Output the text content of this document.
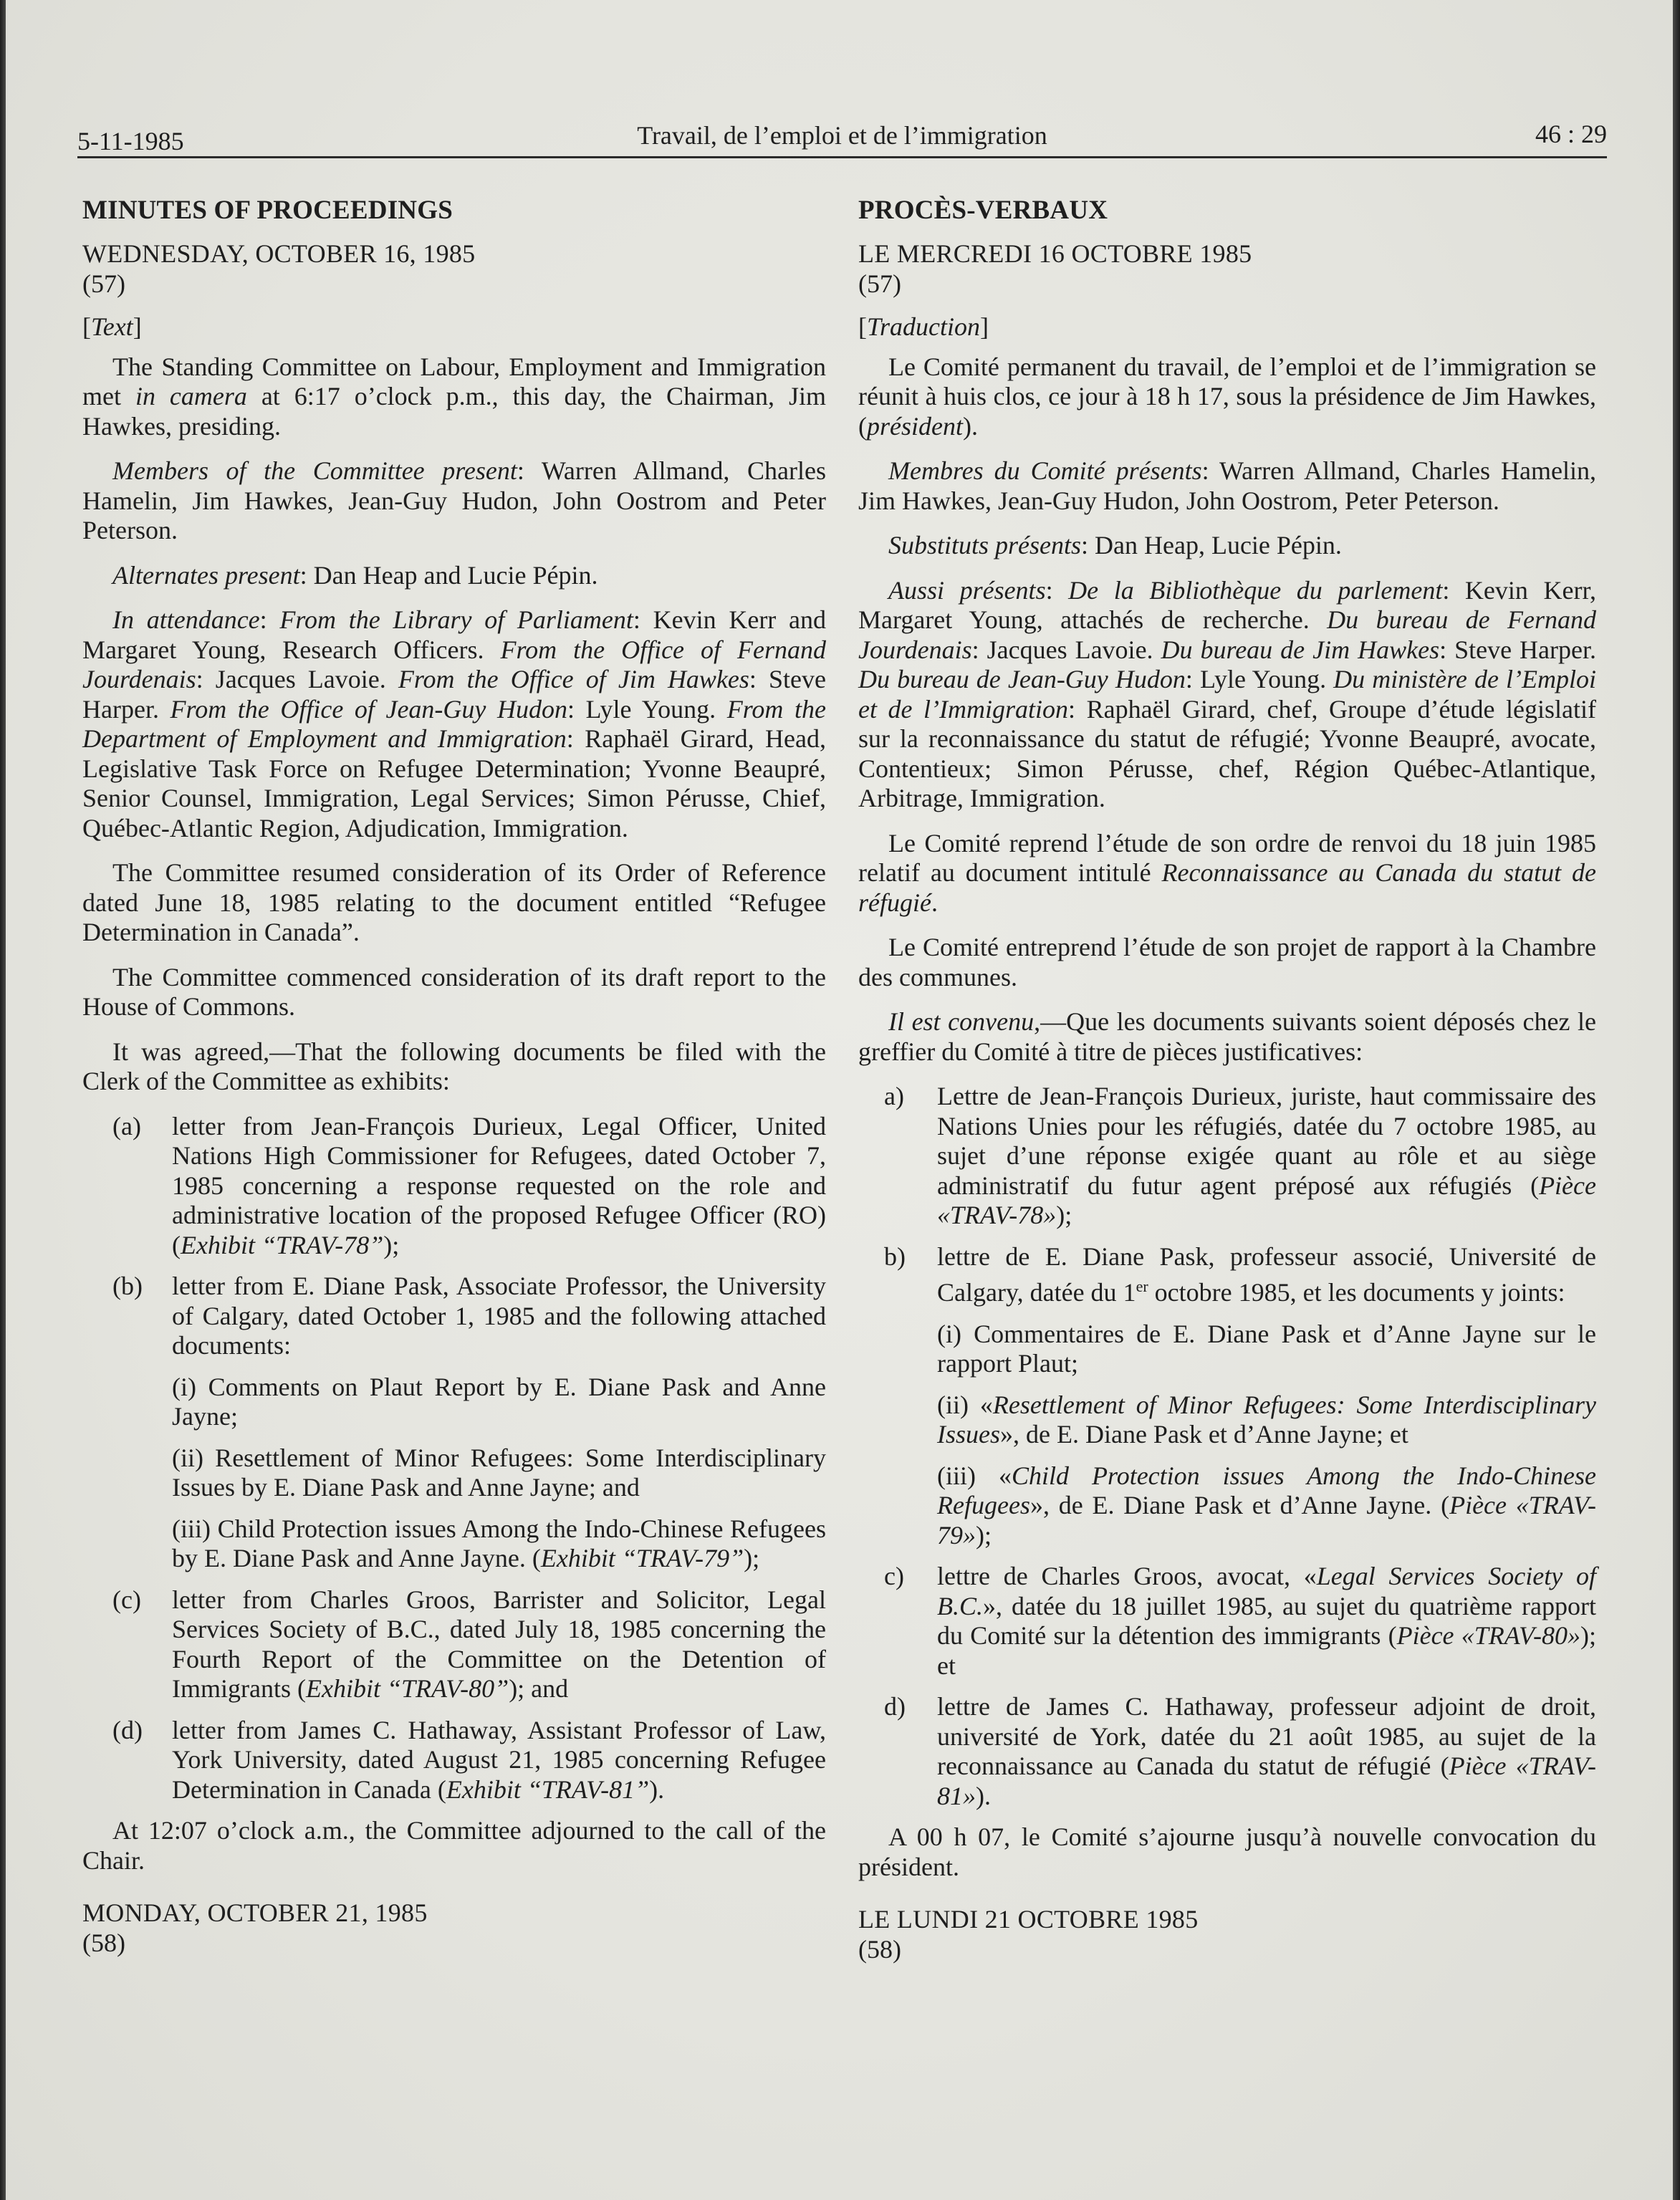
5-11-1985	Travail, de l’emploi et de l’immigration	46 : 29
MINUTES OF PROCEEDINGS
WEDNESDAY, OCTOBER 16, 1985
(57)
[Text]

The Standing Committee on Labour, Employment and Immigration met in camera at 6:17 o’clock p.m., this day, the Chairman, Jim Hawkes, presiding.

Members of the Committee present: Warren Allmand, Charles Hamelin, Jim Hawkes, Jean-Guy Hudon, John Oostrom and Peter Peterson.

Alternates present: Dan Heap and Lucie Pépin.

In attendance: From the Library of Parliament: Kevin Kerr and Margaret Young, Research Officers. From the Office of Fernand Jourdenais: Jacques Lavoie. From the Office of Jim Hawkes: Steve Harper. From the Office of Jean-Guy Hudon: Lyle Young. From the Department of Employment and Immigration: Raphaël Girard, Head, Legislative Task Force on Refugee Determination; Yvonne Beaupré, Senior Counsel, Immigration, Legal Services; Simon Pérusse, Chief, Québec-Atlantic Region, Adjudication, Immigration.

The Committee resumed consideration of its Order of Reference dated June 18, 1985 relating to the document entitled “Refugee Determination in Canada”.

The Committee commenced consideration of its draft report to the House of Commons.

It was agreed,—That the following documents be filed with the Clerk of the Committee as exhibits:

(a) letter from Jean-François Durieux, Legal Officer, United Nations High Commissioner for Refugees, dated October 7, 1985 concerning a response requested on the role and administrative location of the proposed Refugee Officer (RO) (Exhibit “TRAV-78”);
(b) letter from E. Diane Pask, Associate Professor, the University of Calgary, dated October 1, 1985 and the following attached documents:
(i) Comments on Plaut Report by E. Diane Pask and Anne Jayne;
(ii) Resettlement of Minor Refugees: Some Interdisciplinary Issues by E. Diane Pask and Anne Jayne; and
(iii) Child Protection issues Among the Indo-Chinese Refugees by E. Diane Pask and Anne Jayne. (Exhibit “TRAV-79”);
(c) letter from Charles Groos, Barrister and Solicitor, Legal Services Society of B.C., dated July 18, 1985 concerning the Fourth Report of the Committee on the Detention of Immigrants (Exhibit “TRAV-80”); and
(d) letter from James C. Hathaway, Assistant Professor of Law, York University, dated August 21, 1985 concerning Refugee Determination in Canada (Exhibit “TRAV-81”).

At 12:07 o’clock a.m., the Committee adjourned to the call of the Chair.

MONDAY, OCTOBER 21, 1985
(58)
PROCÈS-VERBAUX
LE MERCREDI 16 OCTOBRE 1985
(57)
[Traduction]

Le Comité permanent du travail, de l’emploi et de l’immigration se réunit à huis clos, ce jour à 18 h 17, sous la présidence de Jim Hawkes, (président).

Membres du Comité présents: Warren Allmand, Charles Hamelin, Jim Hawkes, Jean-Guy Hudon, John Oostrom, Peter Peterson.

Substituts présents: Dan Heap, Lucie Pépin.

Aussi présents: De la Bibliothèque du parlement: Kevin Kerr, Margaret Young, attachés de recherche. Du bureau de Fernand Jourdenais: Jacques Lavoie. Du bureau de Jim Hawkes: Steve Harper. Du bureau de Jean-Guy Hudon: Lyle Young. Du ministère de l’Emploi et de l’Immigration: Raphaël Girard, chef, Groupe d’étude législatif sur la reconnaissance du statut de réfugié; Yvonne Beaupré, avocate, Contentieux; Simon Pérusse, chef, Région Québec-Atlantique, Arbitrage, Immigration.

Le Comité reprend l’étude de son ordre de renvoi du 18 juin 1985 relatif au document intitulé Reconnaissance au Canada du statut de réfugié.

Le Comité entreprend l’étude de son projet de rapport à la Chambre des communes.

Il est convenu,—Que les documents suivants soient déposés chez le greffier du Comité à titre de pièces justificatives:

a) Lettre de Jean-François Durieux, juriste, haut commissaire des Nations Unies pour les réfugiés, datée du 7 octobre 1985, au sujet d’une réponse exigée quant au rôle et au siège administratif du futur agent préposé aux réfugiés (Pièce «TRAV-78»);
b) lettre de E. Diane Pask, professeur associé, Université de Calgary, datée du 1er octobre 1985, et les documents y joints:
(i) Commentaires de E. Diane Pask et d’Anne Jayne sur le rapport Plaut;
(ii) «Resettlement of Minor Refugees: Some Interdisciplinary Issues», de E. Diane Pask et d’Anne Jayne; et
(iii) «Child Protection issues Among the Indo-Chinese Refugees», de E. Diane Pask et d’Anne Jayne. (Pièce «TRAV-79»);
c) lettre de Charles Groos, avocat, «Legal Services Society of B.C.», datée du 18 juillet 1985, au sujet du quatrième rapport du Comité sur la détention des immigrants (Pièce «TRAV-80»); et
d) lettre de James C. Hathaway, professeur adjoint de droit, université de York, datée du 21 août 1985, au sujet de la reconnaissance au Canada du statut de réfugié (Pièce «TRAV-81»).

A 00 h 07, le Comité s’ajourne jusqu’à nouvelle convocation du président.

LE LUNDI 21 OCTOBRE 1985
(58)
